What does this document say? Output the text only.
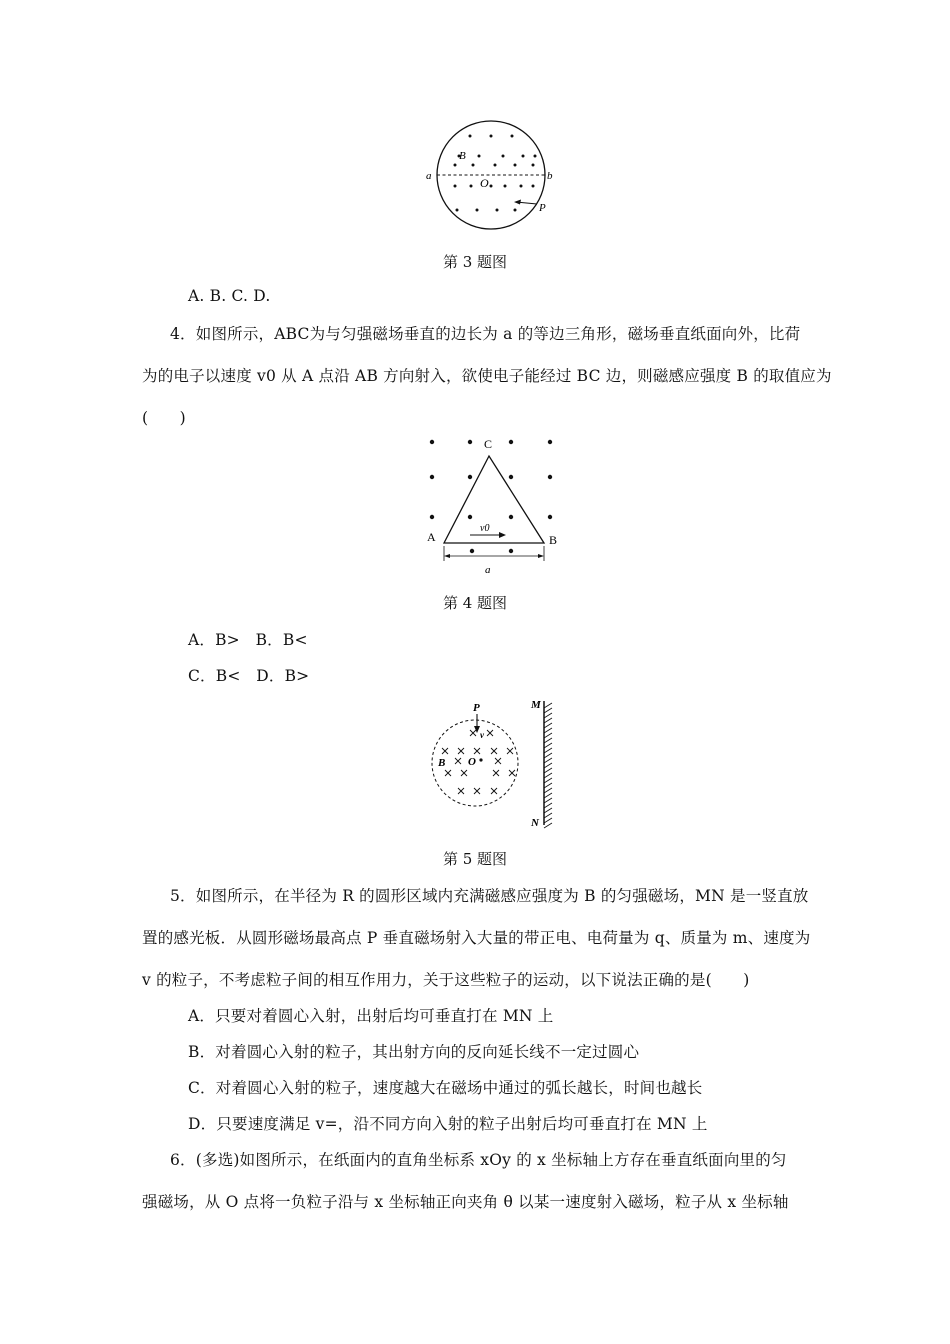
a	b
B
O
P
第 3 题图
A. B. C. D.
4．如图所示，ABC为与匀强磁场垂直的边长为 a 的等边三角形，磁场垂直纸面向外，比荷
为的电子以速度 v0 从 A 点沿 AB 方向射入，欲使电子能经过 BC 边，则磁感应强度 B 的取值应为
(　　)
A	B
C
v0
a
第 4 题图
A．B>　B．B<
C．B<　D．B>
P
v
B O
M
N
第 5 题图
5．如图所示，在半径为 R 的圆形区域内充满磁感应强度为 B 的匀强磁场，MN 是一竖直放
置的感光板．从圆形磁场最高点 P 垂直磁场射入大量的带正电、电荷量为 q、质量为 m、速度为
v 的粒子，不考虑粒子间的相互作用力，关于这些粒子的运动，以下说法正确的是(　　)
A．只要对着圆心入射，出射后均可垂直打在 MN 上
B．对着圆心入射的粒子，其出射方向的反向延长线不一定过圆心
C．对着圆心入射的粒子，速度越大在磁场中通过的弧长越长，时间也越长
D．只要速度满足 v=，沿不同方向入射的粒子出射后均可垂直打在 MN 上
6．(多选)如图所示，在纸面内的直角坐标系 xOy 的 x 坐标轴上方存在垂直纸面向里的匀
强磁场，从 O 点将一负粒子沿与 x 坐标轴正向夹角 θ 以某一速度射入磁场，粒子从 x 坐标轴
